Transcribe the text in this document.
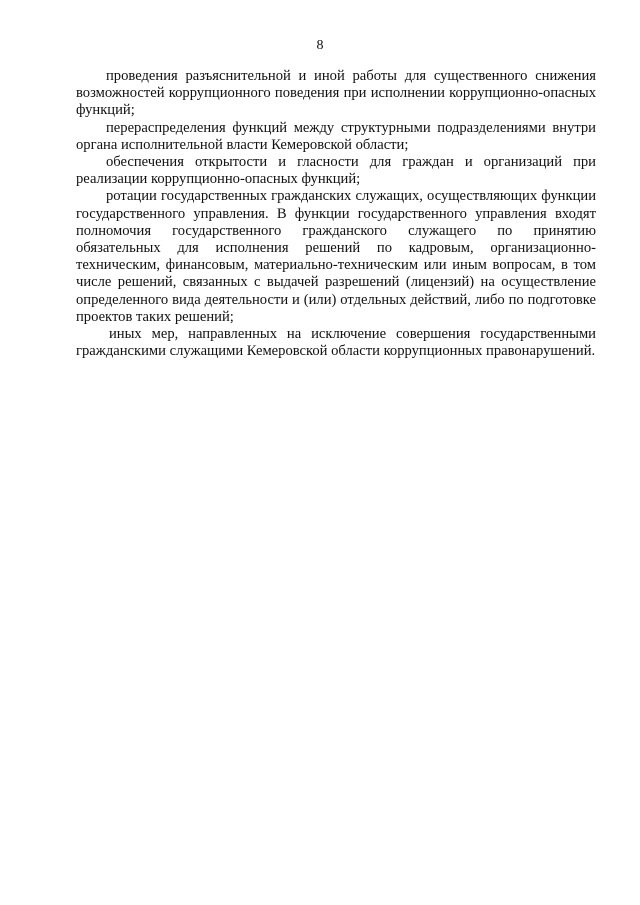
8

проведения разъяснительной и иной работы для существенного снижения возможностей коррупционного поведения при исполнении коррупционно-опасных функций;

перераспределения функций между структурными подразделениями внутри органа исполнительной власти Кемеровской области;

обеспечения открытости и гласности для граждан и организаций при реализации коррупционно-опасных функций;

ротации государственных гражданских служащих, осуществляющих функции государственного управления. В функции государственного управления входят полномочия государственного гражданского служащего по принятию обязательных для исполнения решений по кадровым, организационно-техническим, финансовым, материально-техническим или иным вопросам, в том числе решений, связанных с выдачей разрешений (лицензий) на осуществление определенного вида деятельности и (или) отдельных действий, либо по подготовке проектов таких решений;

иных мер, направленных на исключение совершения государственными гражданскими служащими Кемеровской области коррупционных правонарушений.
